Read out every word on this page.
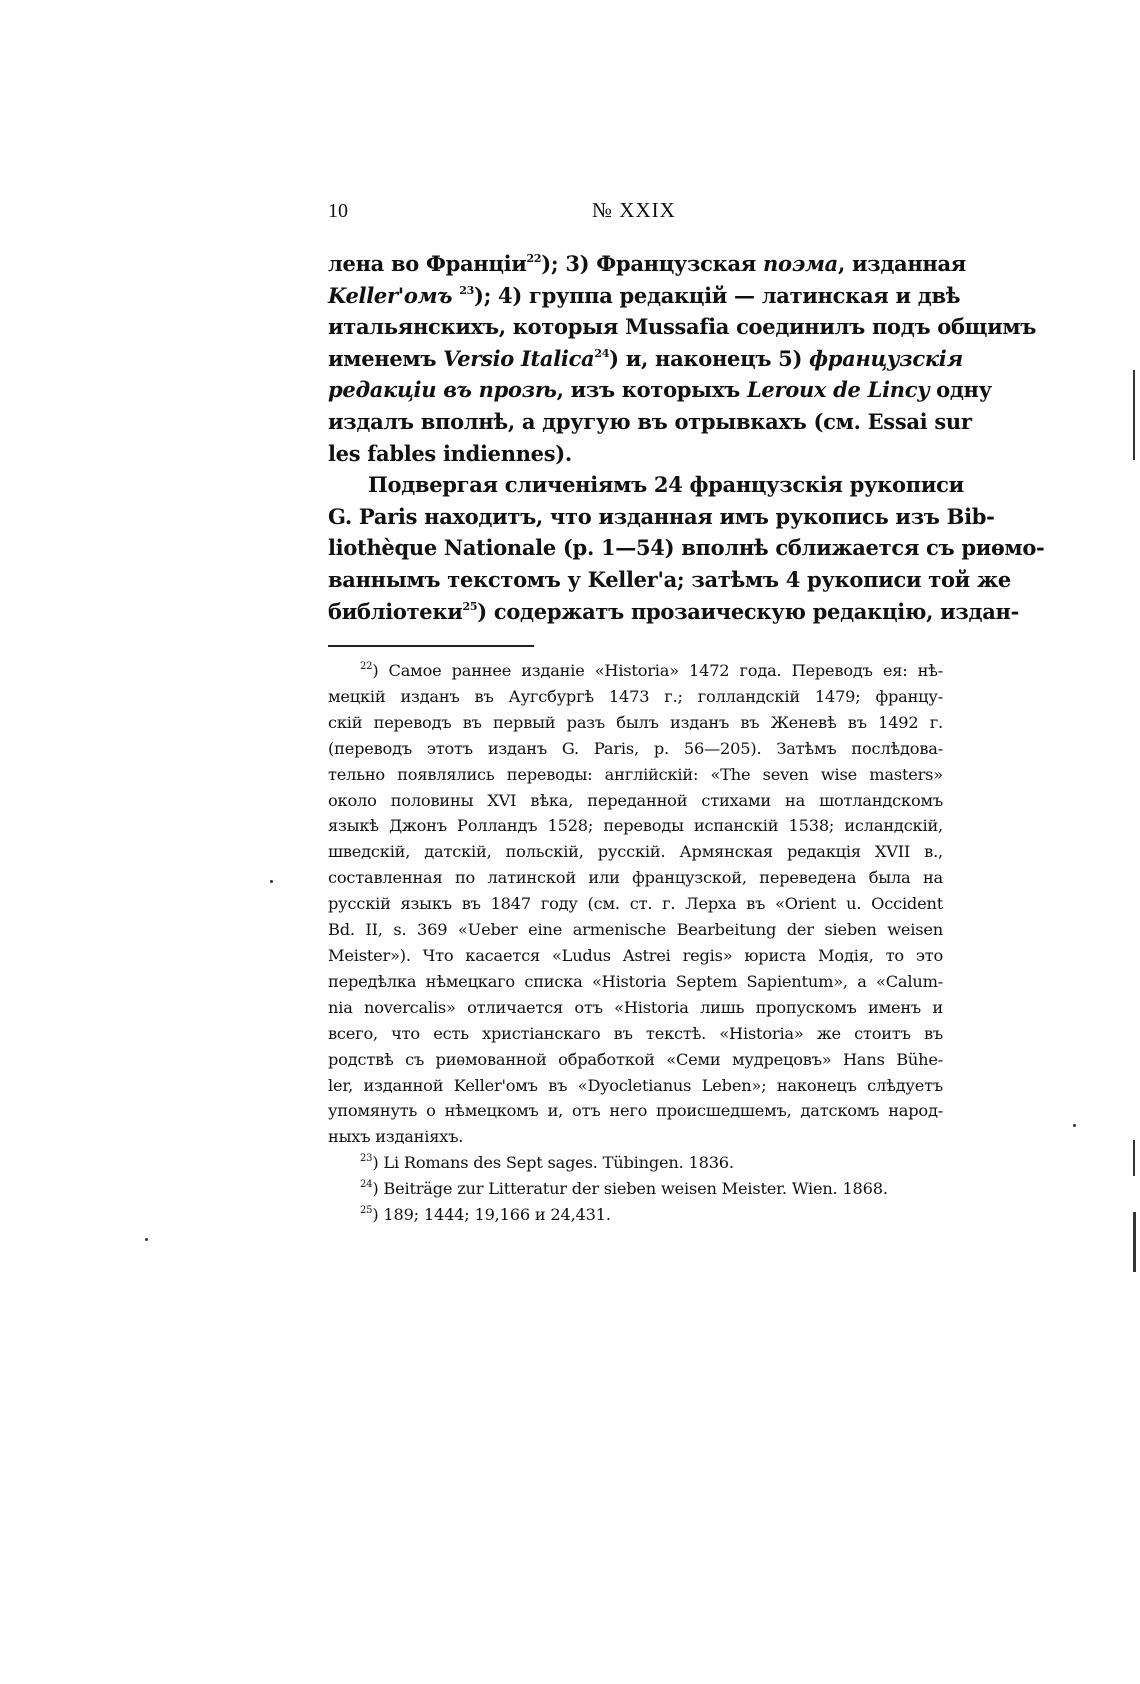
10	№ XXIX
лена во Франціи$^{22}$); 3) Французская поэма, изданная
Keller'омъ $^{23}$); 4) группа редакцій — латинская и двѣ
итальянскихъ, которыя Mussafia соединилъ подъ общимъ
именемъ Versio Italica$^{24}$) и, наконецъ 5) французскія
редакціи въ прозѣ, изъ которыхъ Leroux de Lincy одну
издалъ вполнѣ, а другую въ отрывкахъ (см. Essai sur
les fables indiennes).
Подвергая сличеніямъ 24 французскія рукописи
G. Paris находитъ, что изданная имъ рукопись изъ Bib-
liothèque Nationale (p. 1—54) вполнѣ сближается съ риѳмо-
ваннымъ текстомъ у Keller'a; затѣмъ 4 рукописи той же
библіотеки$^{25}$) содержатъ прозаическую редакцію, издан-
$^{22}$) Самое раннее изданіе «Historia» 1472 года. Переводъ ея: нѣ-
мецкій изданъ въ Аугсбургѣ 1473 г.; голландскій 1479; францу-
скій переводъ въ первый разъ былъ изданъ въ Женевѣ въ 1492 г.
(переводъ этотъ изданъ G. Paris, p. 56—205). Затѣмъ послѣдова-
тельно появлялись переводы: англійскій: «The seven wise masters»
около половины XVI вѣка, переданной стихами на шотландскомъ
языкѣ Джонъ Ролландъ 1528; переводы испанскій 1538; исландскій,
шведскій, датскій, польскій, русскій. Армянская редакція XVII в.,
составленная по латинской или французской, переведена была на
русскій языкъ въ 1847 году (см. ст. г. Лерха въ «Orient u. Occident
Bd. II, s. 369 «Ueber eine armenische Bearbeitung der sieben weisen
Meister»). Что касается «Ludus Astrei regis» юриста Модія, то это
передѣлка нѣмецкаго списка «Historia Septem Sapientum», а «Calum-
nia novercalis» отличается отъ «Historia лишь пропускомъ именъ и
всего, что есть христіанскаго въ текстѣ. «Historia» же стоитъ въ
родствѣ съ риѳмованной обработкой «Семи мудрецовъ» Hans Bühe-
ler, изданной Keller'омъ въ «Dyocletianus Leben»; наконецъ слѣдуетъ
упомянуть о нѣмецкомъ и, отъ него происшедшемъ, датскомъ народ-
ныхъ изданіяхъ.
$^{23}$) Li Romans des Sept sages. Tübingen. 1836.
$^{24}$) Beiträge zur Litteratur der sieben weisen Meister. Wien. 1868.
$^{25}$) 189; 1444; 19,166 и 24,431.
